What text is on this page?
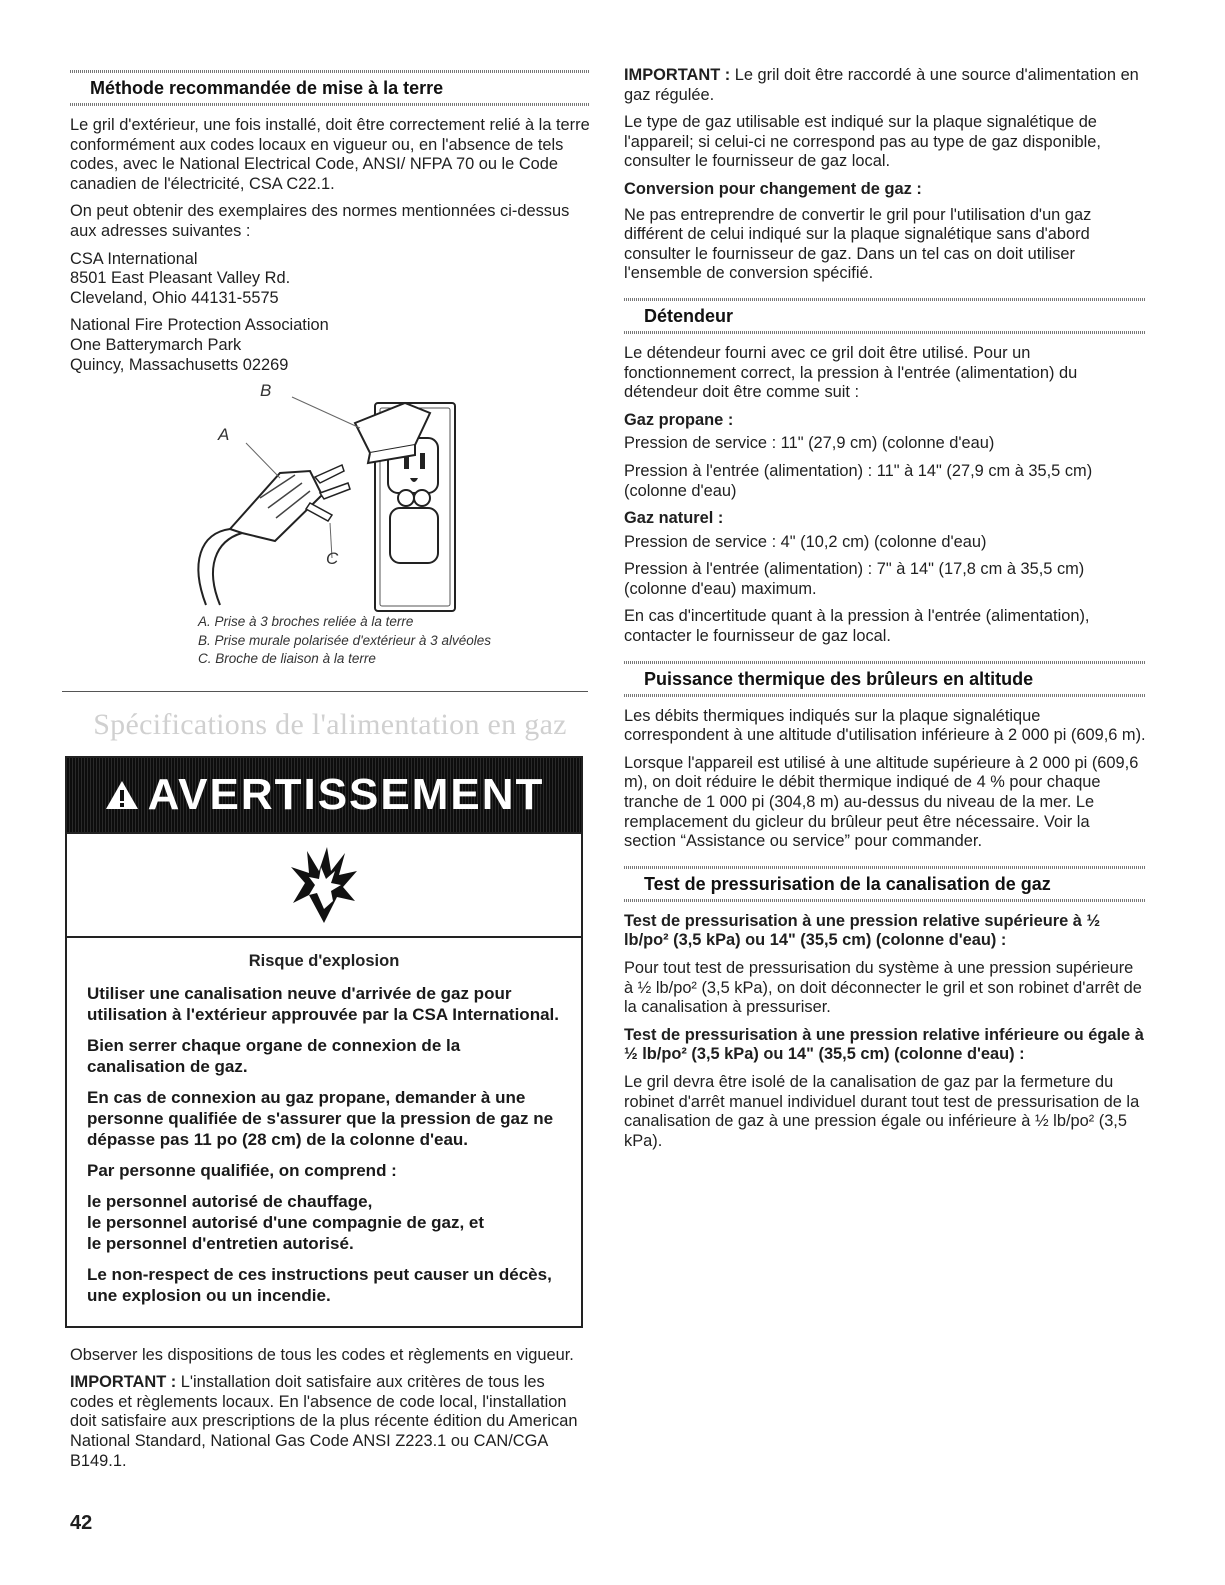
Méthode recommandée de mise à la terre

Le gril d'extérieur, une fois installé, doit être correctement relié à la terre conformément aux codes locaux en vigueur ou, en l'absence de tels codes, avec le National Electrical Code, ANSI/ NFPA 70 ou le Code canadien de l'électricité, CSA C22.1.

On peut obtenir des exemplaires des normes mentionnées ci-dessus aux adresses suivantes :

CSA International
8501 East Pleasant Valley Rd.
Cleveland, Ohio 44131-5575
National Fire Protection Association
One Batterymarch Park
Quincy, Massachusetts 02269
B
A
C
A. Prise à 3 broches reliée à la terre
B. Prise murale polarisée d'extérieur à 3 alvéoles
C. Broche de liaison à la terre
Spécifications de l'alimentation en gaz
AVERTISSEMENT
Risque d'explosion

Utiliser une canalisation neuve d'arrivée de gaz pour utilisation à l'extérieur approuvée par la CSA International.

Bien serrer chaque organe de connexion de la canalisation de gaz.

En cas de connexion au gaz propane, demander à une personne qualifiée de s'assurer que la pression de gaz ne dépasse pas 11 po (28 cm) de la colonne d'eau.

Par personne qualifiée, on comprend :

le personnel autorisé de chauffage,
le personnel autorisé d'une compagnie de gaz, et
le personnel d'entretien autorisé.

Le non-respect de ces instructions peut causer un décès, une explosion ou un incendie.

Observer les dispositions de tous les codes et règlements en vigueur.

IMPORTANT : L'installation doit satisfaire aux critères de tous les codes et règlements locaux. En l'absence de code local, l'installation doit satisfaire aux prescriptions de la plus récente édition du American National Standard, National Gas Code ANSI Z223.1 ou CAN/CGA B149.1.

IMPORTANT : Le gril doit être raccordé à une source d'alimentation en gaz régulée.

Le type de gaz utilisable est indiqué sur la plaque signalétique de l'appareil; si celui-ci ne correspond pas au type de gaz disponible, consulter le fournisseur de gaz local.

Conversion pour changement de gaz :

Ne pas entreprendre de convertir le gril pour l'utilisation d'un gaz différent de celui indiqué sur la plaque signalétique sans d'abord consulter le fournisseur de gaz. Dans un tel cas on doit utiliser l'ensemble de conversion spécifié.

Détendeur

Le détendeur fourni avec ce gril doit être utilisé. Pour un fonctionnement correct, la pression à l'entrée (alimentation) du détendeur doit être comme suit :

Gaz propane :

Pression de service : 11" (27,9 cm) (colonne d'eau)

Pression à l'entrée (alimentation) : 11" à 14" (27,9 cm à 35,5 cm) (colonne d'eau)

Gaz naturel :

Pression de service : 4" (10,2 cm) (colonne d'eau)

Pression à l'entrée (alimentation) : 7" à 14" (17,8 cm à 35,5 cm) (colonne d'eau) maximum.

En cas d'incertitude quant à la pression à l'entrée (alimentation), contacter le fournisseur de gaz local.

Puissance thermique des brûleurs en altitude

Les débits thermiques indiqués sur la plaque signalétique correspondent à une altitude d'utilisation inférieure à 2 000 pi (609,6 m).

Lorsque l'appareil est utilisé à une altitude supérieure à 2 000 pi (609,6 m), on doit réduire le débit thermique indiqué de 4 % pour chaque tranche de 1 000 pi (304,8 m) au-dessus du niveau de la mer. Le remplacement du gicleur du brûleur peut être nécessaire. Voir la section “Assistance ou service” pour commander.

Test de pressurisation de la canalisation de gaz

Test de pressurisation à une pression relative supérieure à ½ lb/po² (3,5 kPa) ou 14" (35,5 cm) (colonne d'eau) :

Pour tout test de pressurisation du système à une pression supérieure à ½ lb/po² (3,5 kPa), on doit déconnecter le gril et son robinet d'arrêt de la canalisation à pressuriser.

Test de pressurisation à une pression relative inférieure ou égale à ½ lb/po² (3,5 kPa) ou 14" (35,5 cm) (colonne d'eau) :

Le gril devra être isolé de la canalisation de gaz par la fermeture du robinet d'arrêt manuel individuel durant tout test de pressurisation de la canalisation de gaz à une pression égale ou inférieure à ½ lb/po² (3,5 kPa).

42
